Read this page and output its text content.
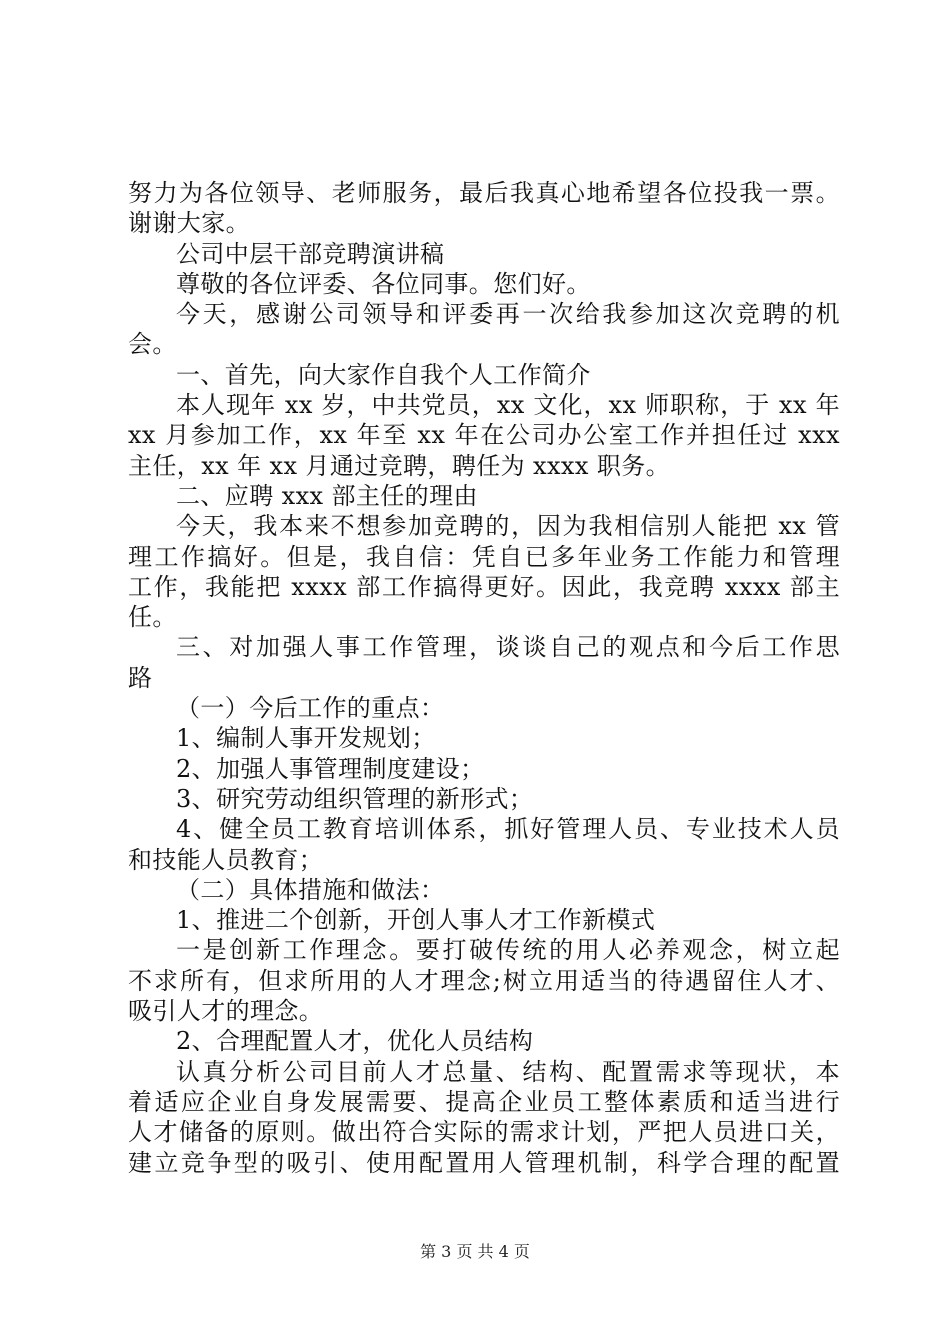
努力为各位领导、老师服务，最后我真心地希望各位投我一票。
谢谢大家。
公司中层干部竞聘演讲稿
尊敬的各位评委、各位同事。您们好。
今天，感谢公司领导和评委再一次给我参加这次竞聘的机
会。
一、首先，向大家作自我个人工作简介
本人现年 xx 岁，中共党员，xx 文化，xx 师职称，于 xx 年
xx 月参加工作，xx 年至 xx 年在公司办公室工作并担任过 xxx
主任，xx 年 xx 月通过竞聘，聘任为 xxxx 职务。
二、应聘 xxx 部主任的理由
今天，我本来不想参加竞聘的，因为我相信别人能把 xx 管
理工作搞好。但是，我自信：凭自已多年业务工作能力和管理
工作，我能把 xxxx 部工作搞得更好。因此，我竞聘 xxxx 部主
任。
三、对加强人事工作管理，谈谈自己的观点和今后工作思
路
（一）今后工作的重点：
1、编制人事开发规划；
2、加强人事管理制度建设；
3、研究劳动组织管理的新形式；
4、健全员工教育培训体系，抓好管理人员、专业技术人员
和技能人员教育；
（二）具体措施和做法：
1、推进二个创新，开创人事人才工作新模式
一是创新工作理念。要打破传统的用人必养观念，树立起
不求所有，但求所用的人才理念;树立用适当的待遇留住人才、
吸引人才的理念。
2、合理配置人才，优化人员结构
认真分析公司目前人才总量、结构、配置需求等现状，本
着适应企业自身发展需要、提高企业员工整体素质和适当进行
人才储备的原则。做出符合实际的需求计划，严把人员进口关，
建立竞争型的吸引、使用配置用人管理机制，科学合理的配置
第 3 页 共 4 页
